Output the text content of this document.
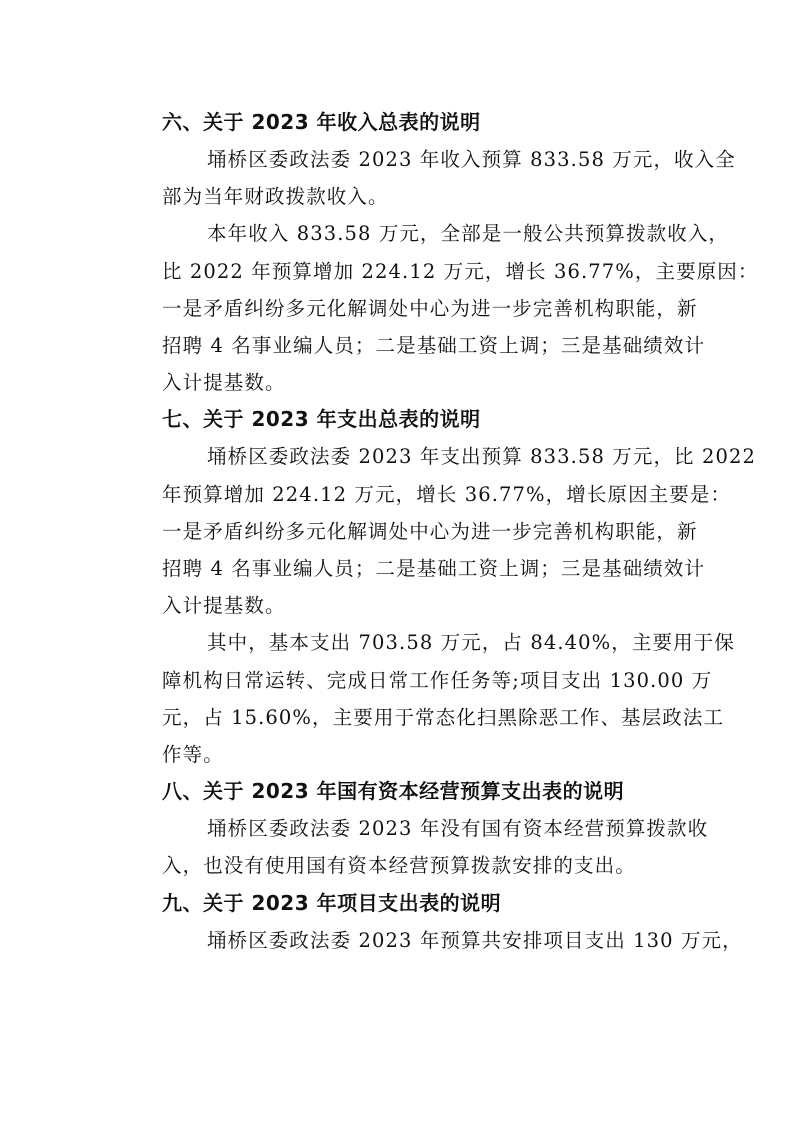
六、关于 2023 年收入总表的说明
埇桥区委政法委 2023 年收入预算 833.58 万元，收入全
部为当年财政拨款收入。
本年收入 833.58 万元，全部是一般公共预算拨款收入，
比 2022 年预算增加 224.12 万元，增长 36.77%，主要原因：
一是矛盾纠纷多元化解调处中心为进一步完善机构职能，新
招聘 4 名事业编人员；二是基础工资上调；三是基础绩效计
入计提基数。
七、关于 2023 年支出总表的说明
埇桥区委政法委 2023 年支出预算 833.58 万元，比 2022
年预算增加 224.12 万元，增长 36.77%，增长原因主要是：
一是矛盾纠纷多元化解调处中心为进一步完善机构职能，新
招聘 4 名事业编人员；二是基础工资上调；三是基础绩效计
入计提基数。
其中，基本支出 703.58 万元，占 84.40%，主要用于保
障机构日常运转、完成日常工作任务等;项目支出 130.00 万
元，占 15.60%，主要用于常态化扫黑除恶工作、基层政法工
作等。
八、关于 2023 年国有资本经营预算支出表的说明
埇桥区委政法委 2023 年没有国有资本经营预算拨款收
入，也没有使用国有资本经营预算拨款安排的支出。
九、关于 2023 年项目支出表的说明
埇桥区委政法委 2023 年预算共安排项目支出 130 万元，
